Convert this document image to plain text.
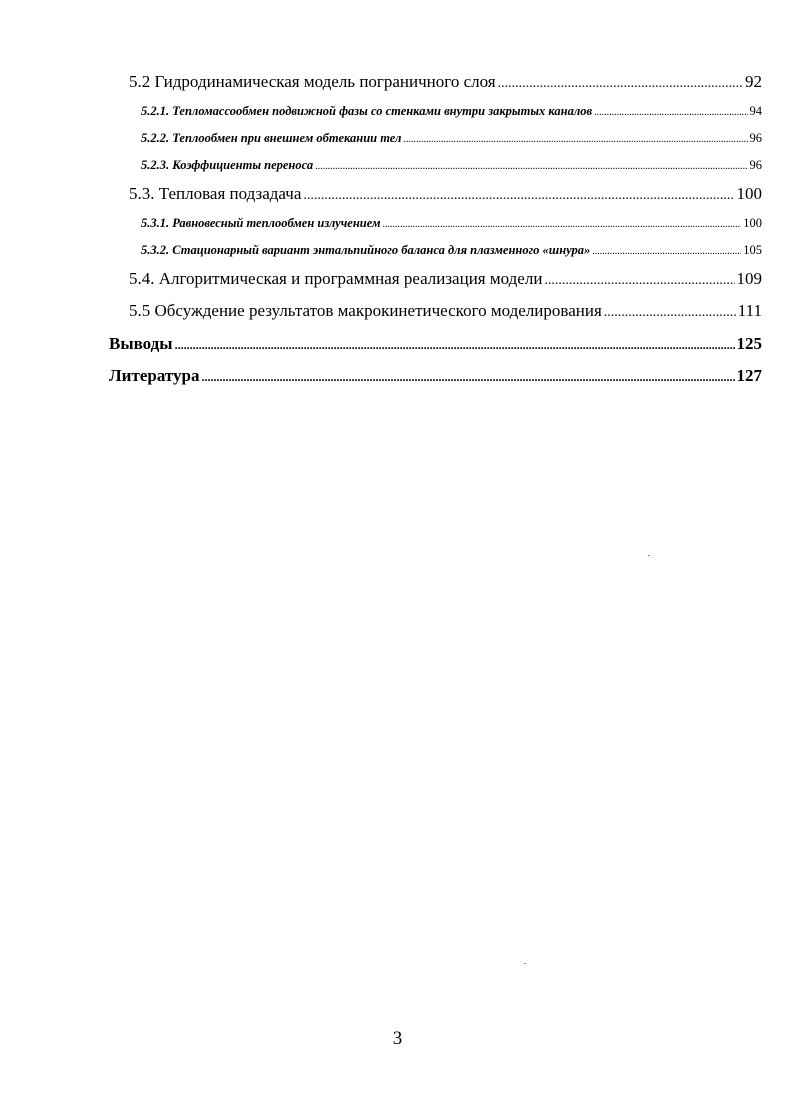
5.2 Гидродинамическая модель пограничного слоя .....	92
5.2.1. Тепломассообмен подвижной фазы со стенками внутри закрытых каналов .....	94
5.2.2. Теплообмен при внешнем обтекании тел .....	96
5.2.3. Коэффициенты переноса .....	96
5.3. Тепловая подзадача .....	100
5.3.1. Равновесный теплообмен излучением .....	100
5.3.2. Стационарный вариант энтальпийного баланса для плазменного «шнура» .....	105
5.4. Алгоритмическая и программная реализация модели .....	109
5.5 Обсуждение результатов макрокинетического моделирования .....	111
Выводы .....	125
Литература .....	127
3
